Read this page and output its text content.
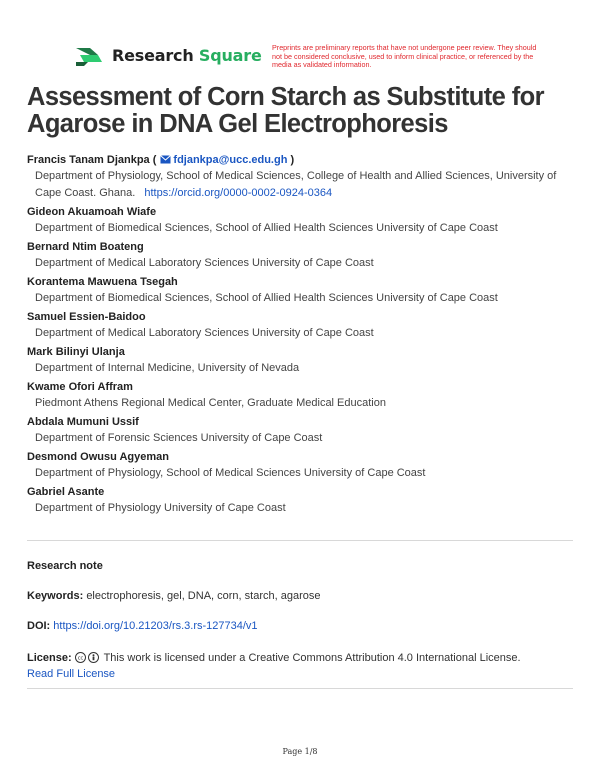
Research Square Preprints are preliminary reports that have not undergone peer review. They should not be considered conclusive, used to inform clinical practice, or referenced by the media as validated information.
Assessment of Corn Starch as Substitute for Agarose in DNA Gel Electrophoresis
Francis Tanam Djankpa ( fdjankpa@ucc.edu.gh )
Department of Physiology, School of Medical Sciences, College of Health and Allied Sciences, University of Cape Coast. Ghana. https://orcid.org/0000-0002-0924-0364
Gideon Akuamoah Wiafe
Department of Biomedical Sciences, School of Allied Health Sciences University of Cape Coast
Bernard Ntim Boateng
Department of Medical Laboratory Sciences University of Cape Coast
Korantema Mawuena Tsegah
Department of Biomedical Sciences, School of Allied Health Sciences University of Cape Coast
Samuel Essien-Baidoo
Department of Medical Laboratory Sciences University of Cape Coast
Mark Bilinyi Ulanja
Department of Internal Medicine, University of Nevada
Kwame Ofori Affram
Piedmont Athens Regional Medical Center, Graduate Medical Education
Abdala Mumuni Ussif
Department of Forensic Sciences University of Cape Coast
Desmond Owusu Agyeman
Department of Physiology, School of Medical Sciences University of Cape Coast
Gabriel Asante
Department of Physiology University of Cape Coast
Research note
Keywords: electrophoresis, gel, DNA, corn, starch, agarose
DOI: https://doi.org/10.21203/rs.3.rs-127734/v1
License: cc This work is licensed under a Creative Commons Attribution 4.0 International License.
Read Full License
Page 1/8
